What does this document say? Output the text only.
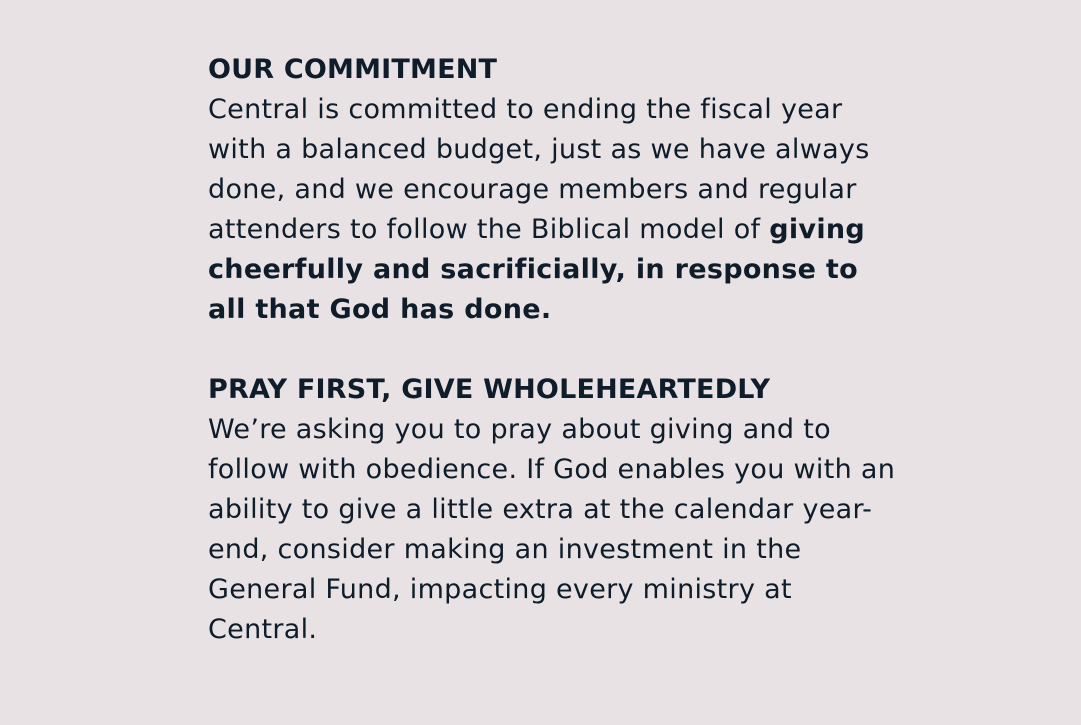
OUR COMMITMENT
Central is committed to ending the fiscal year with a balanced budget, just as we have always done, and we encourage members and regular attenders to follow the Biblical model of giving cheerfully and sacrificially, in response to all that God has done.
PRAY FIRST, GIVE WHOLEHEARTEDLY
We’re asking you to pray about giving and to follow with obedience. If God enables you with an ability to give a little extra at the calendar year-end, consider making an investment in the General Fund, impacting every ministry at Central.
